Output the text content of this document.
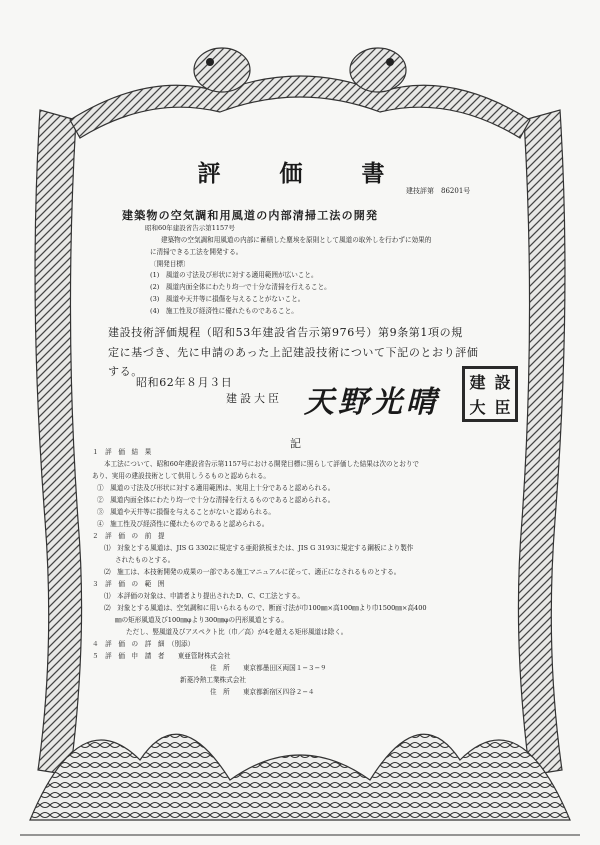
評　価　書
建技評第　86201号
建築物の空気調和用風道の内部清掃工法の開発
昭和60年建設省告示第1157号
建築物の空気調和用風道の内部に蓄積した塵埃を原則として風道の取外しを行わずに効果的
に清掃できる工法を開発する。
〔開発目標〕
(1)　風道の寸法及び形状に対する適用範囲が広いこと。
(2)　風道内面全体にわたり均一で十分な清掃を行えること。
(3)　風道や天井等に損傷を与えることがないこと。
(4)　施工性及び経済性に優れたものであること。
建設技術評価規程（昭和53年建設省告示第976号）第9条第1項の規
定に基づき、先に申請のあった上記建設技術について下記のとおり評価
する。
昭和62年８月３日
建設大臣 天野光晴
建 設
大 臣
記
１　評　価　結　果
本工法について、昭和60年建設省告示第1157号における開発目標に照らして評価した結果は次のとおりで
あり、実用の建設技術として供用しうるものと認められる。
①　風道の寸法及び形状に対する適用範囲は、実用上十分であると認められる。
②　風道内面全体にわたり均一で十分な清掃を行えるものであると認められる。
③　風道や天井等に損傷を与えることがないと認められる。
④　施工性及び経済性に優れたものであると認められる。
２　評　価　の　前　提
⑴　対象とする風道は、JIS G 3302に規定する亜鉛鉄板または、JIS G 3193に規定する鋼板により製作
されたものとする。
⑵　施工は、本技術開発の成果の一部である施工マニュアルに従って、適正になされるものとする。
３　評　価　の　範　囲
⑴　本評価の対象は、申請者より提出されたD、C、C工法とする。
⑵　対象とする風道は、空気調和に用いられるもので、断面寸法が巾100㎜×高100㎜より巾1500㎜×高400
㎜の矩形風道及び100㎜φより300㎜φの円形風道とする。
ただし、竪風道及びアスペクト比（巾／高）が4を超える矩形風道は除く。
４　評　価　の　詳　細　（別添）
５　評　価　申　請　者　　東亜管財株式会社
住　所　　東京都墨田区両国１−３−９
新菱冷熱工業株式会社
住　所　　東京都新宿区四谷２−４
